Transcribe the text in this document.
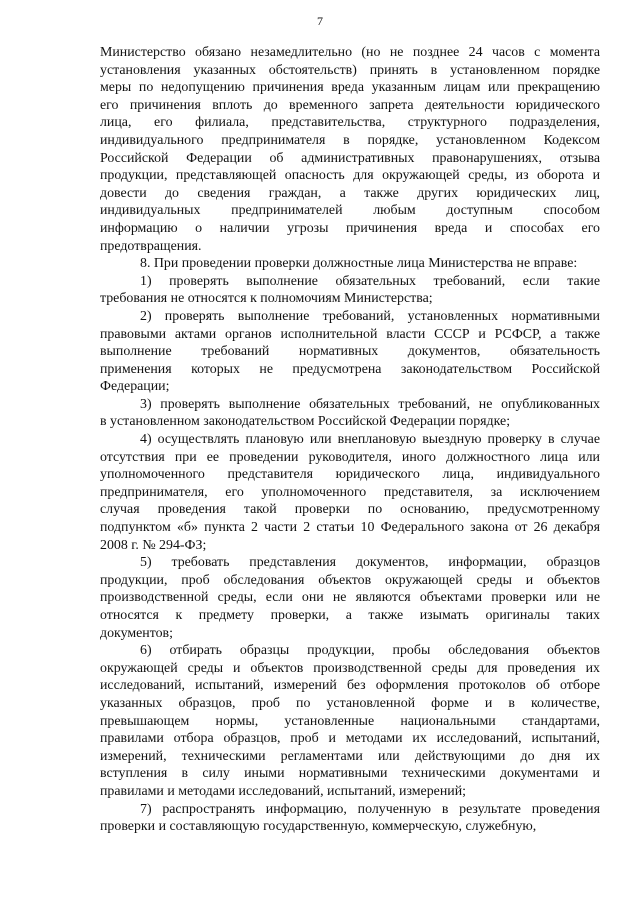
7
Министерство обязано незамедлительно (но не позднее 24 часов с момента
установления указанных обстоятельств) принять в установленном порядке
меры по недопущению причинения вреда указанным лицам или прекращению
его причинения вплоть до временного запрета деятельности юридического
лица, его филиала, представительства, структурного подразделения,
индивидуального предпринимателя в порядке, установленном Кодексом
Российской Федерации об административных правонарушениях, отзыва
продукции, представляющей опасность для окружающей среды, из оборота и
довести до сведения граждан, а также других юридических лиц,
индивидуальных предпринимателей любым доступным способом
информацию о наличии угрозы причинения вреда и способах его
предотвращения.
8. При проведении проверки должностные лица Министерства не вправе:
1) проверять выполнение обязательных требований, если такие
требования не относятся к полномочиям Министерства;
2) проверять выполнение требований, установленных нормативными
правовыми актами органов исполнительной власти СССР и РСФСР, а также
выполнение требований нормативных документов, обязательность
применения которых не предусмотрена законодательством Российской
Федерации;
3) проверять выполнение обязательных требований, не опубликованных
в установленном законодательством Российской Федерации порядке;
4) осуществлять плановую или внеплановую выездную проверку в случае
отсутствия при ее проведении руководителя, иного должностного лица или
уполномоченного представителя юридического лица, индивидуального
предпринимателя, его уполномоченного представителя, за исключением
случая проведения такой проверки по основанию, предусмотренному
подпунктом «б» пункта 2 части 2 статьи 10 Федерального закона от 26 декабря
2008 г. № 294-ФЗ;
5) требовать представления документов, информации, образцов
продукции, проб обследования объектов окружающей среды и объектов
производственной среды, если они не являются объектами проверки или не
относятся к предмету проверки, а также изымать оригиналы таких
документов;
6) отбирать образцы продукции, пробы обследования объектов
окружающей среды и объектов производственной среды для проведения их
исследований, испытаний, измерений без оформления протоколов об отборе
указанных образцов, проб по установленной форме и в количестве,
превышающем нормы, установленные национальными стандартами,
правилами отбора образцов, проб и методами их исследований, испытаний,
измерений, техническими регламентами или действующими до дня их
вступления в силу иными нормативными техническими документами и
правилами и методами исследований, испытаний, измерений;
7) распространять информацию, полученную в результате проведения
проверки и составляющую государственную, коммерческую, служебную,
